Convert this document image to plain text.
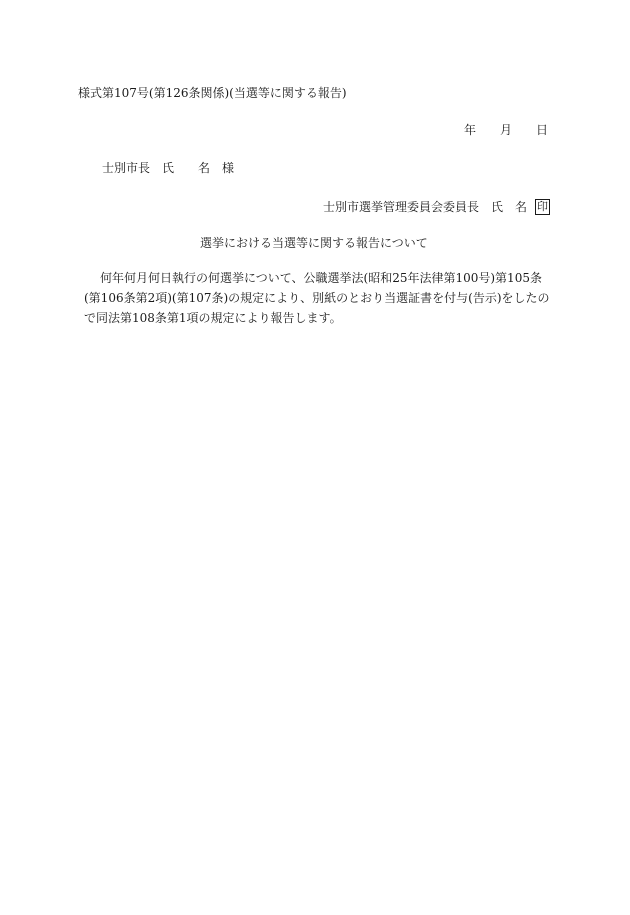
様式第107号(第126条関係)(当選等に関する報告)
年 月 日
士別市長 氏 名 様
士別市選挙管理委員会委員長 氏 名 印
選挙における当選等に関する報告について
何年何月何日執行の何選挙について、公職選挙法(昭和25年法律第100号)第105条(第106条第2項)(第107条)の規定により、別紙のとおり当選証書を付与(告示)をしたので同法第108条第1項の規定により報告します。
